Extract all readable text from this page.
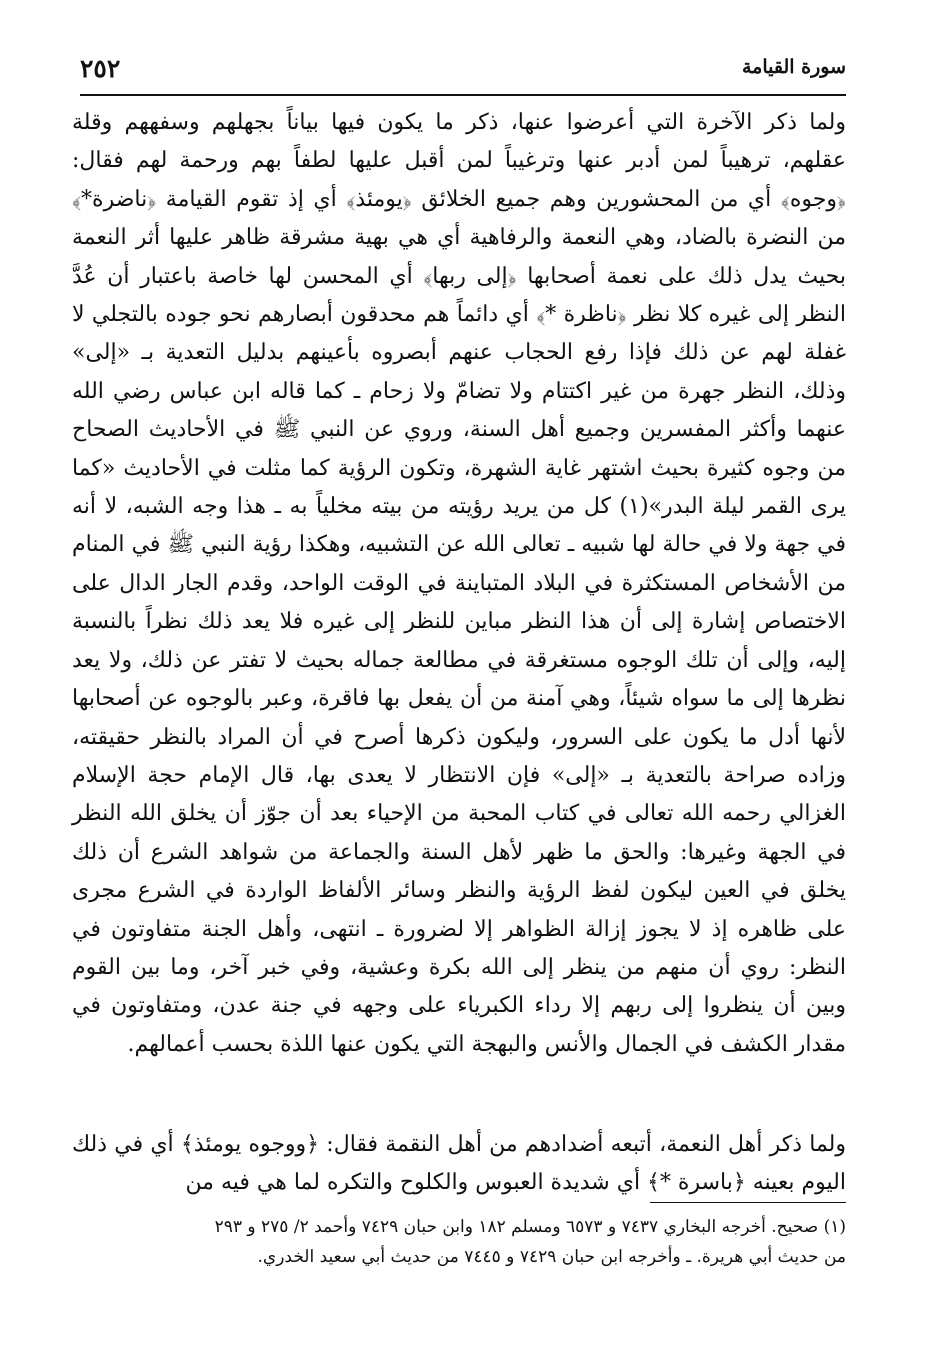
سورة القيامة
٢٥٢

ولما ذكر الآخرة التي أعرضوا عنها، ذكر ما يكون فيها بياناً بجهلهم وسفههم وقلة عقلهم، ترهيباً لمن أدبر عنها وترغيباً لمن أقبل عليها لطفاً بهم ورحمة لهم فقال: ﴿وجوه﴾ أي من المحشورين وهم جميع الخلائق ﴿يومئذ﴾ أي إذ تقوم القيامة ﴿ناضرة*﴾ من النضرة بالضاد، وهي النعمة والرفاهية أي هي بهية مشرقة ظاهر عليها أثر النعمة بحيث يدل ذلك على نعمة أصحابها ﴿إلى ربها﴾ أي المحسن لها خاصة باعتبار أن عُدَّ النظر إلى غيره كلا نظر ﴿ناظرة *﴾ أي دائماً هم محدقون أبصارهم نحو جوده بالتجلي لا غفلة لهم عن ذلك فإذا رفع الحجاب عنهم أبصروه بأعينهم بدليل التعدية بـ «إلى» وذلك، النظر جهرة من غير اكتتام ولا تضامّ ولا زحام ـ كما قاله ابن عباس رضي الله عنهما وأكثر المفسرين وجميع أهل السنة، وروي عن النبي ﷺ في الأحاديث الصحاح من وجوه كثيرة بحيث اشتهر غاية الشهرة، وتكون الرؤية كما مثلت في الأحاديث «كما يرى القمر ليلة البدر»(١) كل من يريد رؤيته من بيته مخلياً به ـ هذا وجه الشبه، لا أنه في جهة ولا في حالة لها شبيه ـ تعالى الله عن التشبيه، وهكذا رؤية النبي ﷺ في المنام من الأشخاص المستكثرة في البلاد المتباينة في الوقت الواحد، وقدم الجار الدال على الاختصاص إشارة إلى أن هذا النظر مباين للنظر إلى غيره فلا يعد ذلك نظراً بالنسبة إليه، وإلى أن تلك الوجوه مستغرقة في مطالعة جماله بحيث لا تفتر عن ذلك، ولا يعد نظرها إلى ما سواه شيئاً، وهي آمنة من أن يفعل بها فاقرة، وعبر بالوجوه عن أصحابها لأنها أدل ما يكون على السرور، وليكون ذكرها أصرح في أن المراد بالنظر حقيقته، وزاده صراحة بالتعدية بـ «إلى» فإن الانتظار لا يعدى بها، قال الإمام حجة الإسلام الغزالي رحمه الله تعالى في كتاب المحبة من الإحياء بعد أن جوّز أن يخلق الله النظر في الجهة وغيرها: والحق ما ظهر لأهل السنة والجماعة من شواهد الشرع أن ذلك يخلق في العين ليكون لفظ الرؤية والنظر وسائر الألفاظ الواردة في الشرع مجرى على ظاهره إذ لا يجوز إزالة الظواهر إلا لضرورة ـ انتهى، وأهل الجنة متفاوتون في النظر: روي أن منهم من ينظر إلى الله بكرة وعشية، وفي خبر آخر، وما بين القوم وبين أن ينظروا إلى ربهم إلا رداء الكبرياء على وجهه في جنة عدن، ومتفاوتون في مقدار الكشف في الجمال والأنس والبهجة التي يكون عنها اللذة بحسب أعمالهم.

ولما ذكر أهل النعمة، أتبعه أضدادهم من أهل النقمة فقال: ﴿ووجوه يومئذ﴾ أي في ذلك اليوم بعينه ﴿باسرة *﴾ أي شديدة العبوس والكلوح والتكره لما هي فيه من

(١) صحيح. أخرجه البخاري ٧٤٣٧ و ٦٥٧٣ ومسلم ١٨٢ وابن حبان ٧٤٢٩ وأحمد ٢/ ٢٧٥ و ٢٩٣

من حديث أبي هريرة. ـ وأخرجه ابن حبان ٧٤٢٩ و ٧٤٤٥ من حديث أبي سعيد الخدري.
